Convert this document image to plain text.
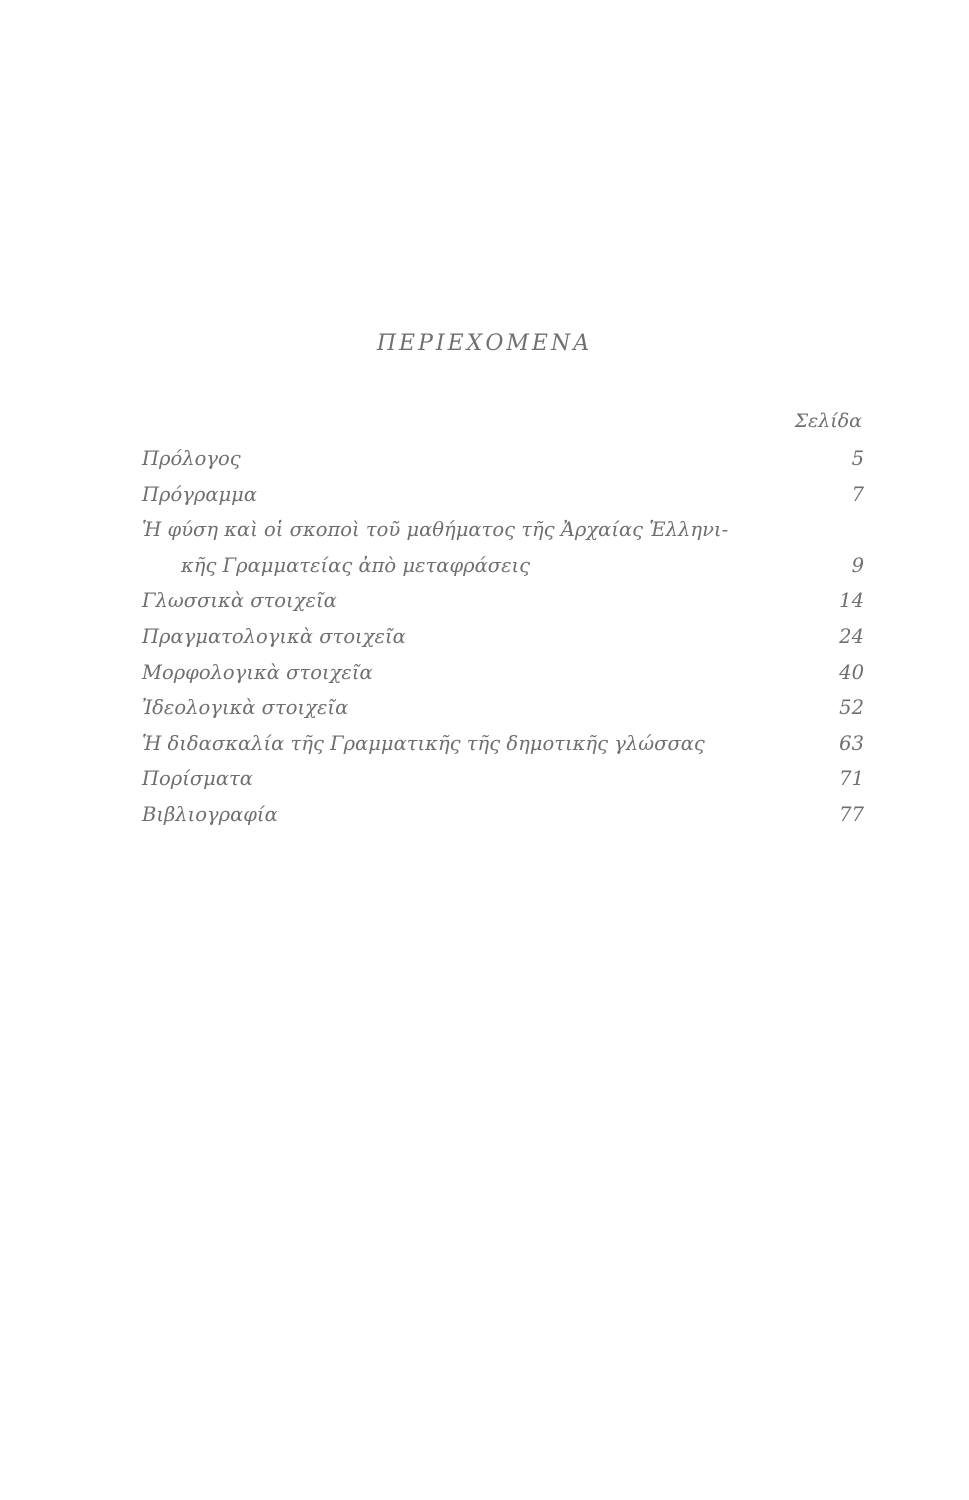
ΠΕΡΙΕΧΟΜΕΝΑ
Σελίδα
Πρόλογος	5
Πρόγραμμα	7
Ἡ φύση καὶ οἱ σκοποὶ τοῦ μαθήματος τῆς Ἀρχαίας Ἑλληνι-
κῆς Γραμματείας ἀπὸ μεταφράσεις	9
Γλωσσικὰ στοιχεῖα	14
Πραγματολογικὰ στοιχεῖα	24
Μορφολογικὰ στοιχεῖα	40
Ἰδεολογικὰ στοιχεῖα	52
Ἡ διδασκαλία τῆς Γραμματικῆς τῆς δημοτικῆς γλώσσας	63
Πορίσματα	71
Βιβλιογραφία	77
